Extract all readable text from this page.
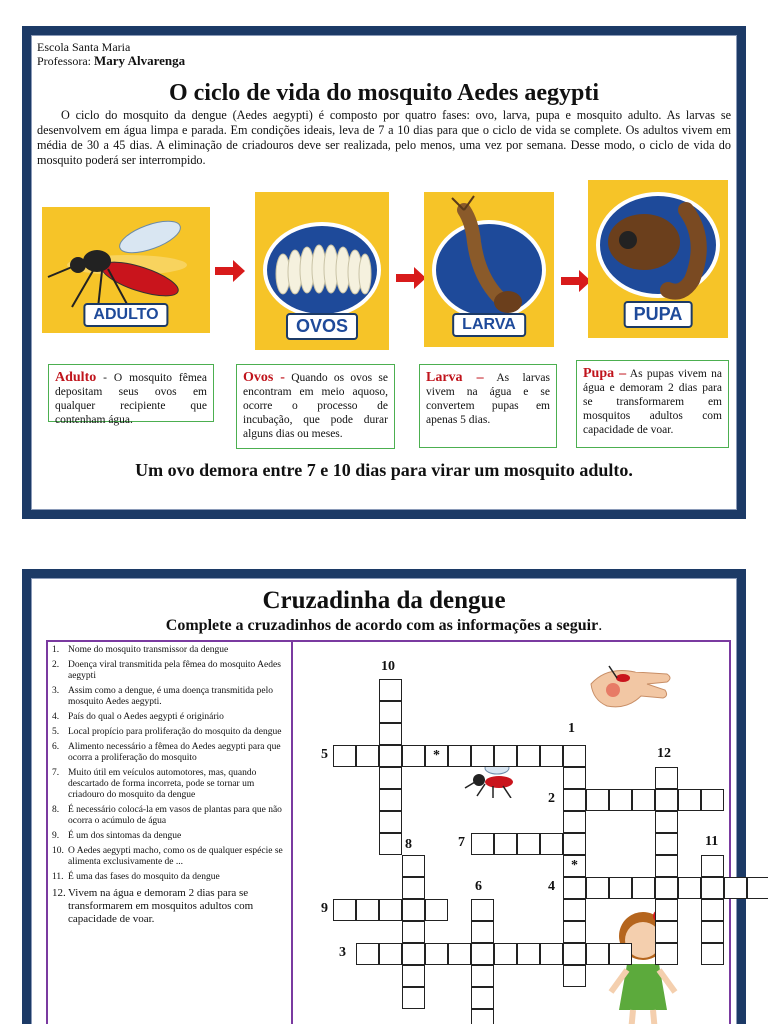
Escola Santa Maria
Professora: Mary Alvarenga
O ciclo de vida do mosquito Aedes aegypti
O ciclo do mosquito da dengue (Aedes aegypti) é composto por quatro fases: ovo, larva, pupa e mosquito adulto. As larvas se desenvolvem em água limpa e parada. Em condições ideais, leva de 7 a 10 dias para que o ciclo de vida se complete. Os adultos vivem em média de 30 a 45 dias. A eliminação de criadouros deve ser realizada, pelo menos, uma vez por semana. Desse modo, o ciclo de vida do mosquito poderá ser interrompido.
ADULTO
OVOS	LARVA
PUPA
Adulto - O mosquito fêmea depositam seus ovos em qualquer recipiente que contenham água.
Ovos - Quando os ovos se encontram em meio aquoso, ocorre o processo de incubação, que pode durar alguns dias ou meses.
Larva – As larvas vivem na água e se convertem pupas em apenas 5 dias.
Pupa – As pupas vivem na água e demoram 2 dias para se transformarem em mosquitos adultos com capacidade de voar.
Um ovo demora entre 7 e 10 dias para virar um mosquito adulto.
Cruzadinha da dengue
Complete a cruzadinhos de acordo com as informações a seguir.
1. Nome do mosquito transmissor da dengue
2. Doença viral transmitida pela fêmea do mosquito Aedes aegypti
3. Assim como a dengue, é uma doença transmitida pelo mosquito Aedes aegypti.
4. País do qual o Aedes aegypti é originário
5. Local propício para proliferação do mosquito da dengue
6. Alimento necessário a fêmea do Aedes aegypti para que ocorra a proliferação do mosquito
7. Muito útil em veículos automotores, mas, quando descartado de forma incorreta, pode se tornar um criadouro do mosquito da dengue
8. É necessário colocá-la em vasos de plantas para que não ocorra o acúmulo de água
9. É um dos sintomas da dengue
10. O Aedes aegypti macho, como os de qualquer espécie se alimenta exclusivamente de ...
11. É uma das fases do mosquito da dengue
12. Vivem na água e demoram 2 dias para se transformarem em mosquitos adultos com capacidade de voar.
*
*
10
1
12
5
2
7	11
8
6	4
9
3
